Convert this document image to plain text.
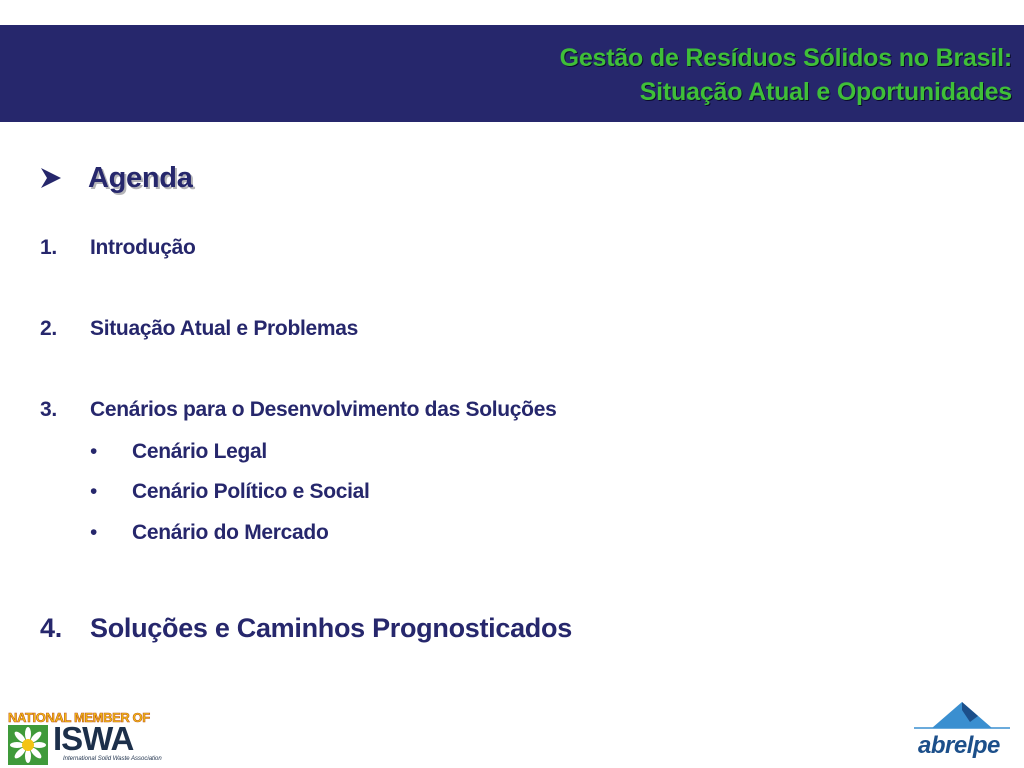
Gestão de Resíduos Sólidos no Brasil:
Situação Atual e Oportunidades
Agenda
1. Introdução
2. Situação Atual e Problemas
3. Cenários para o Desenvolvimento das Soluções
• Cenário Legal
• Cenário Político e Social
• Cenário do Mercado
4. Soluções e Caminhos Prognosticados
NATIONAL MEMBER OF
ISWA
International Solid Waste Association	abrelpe
